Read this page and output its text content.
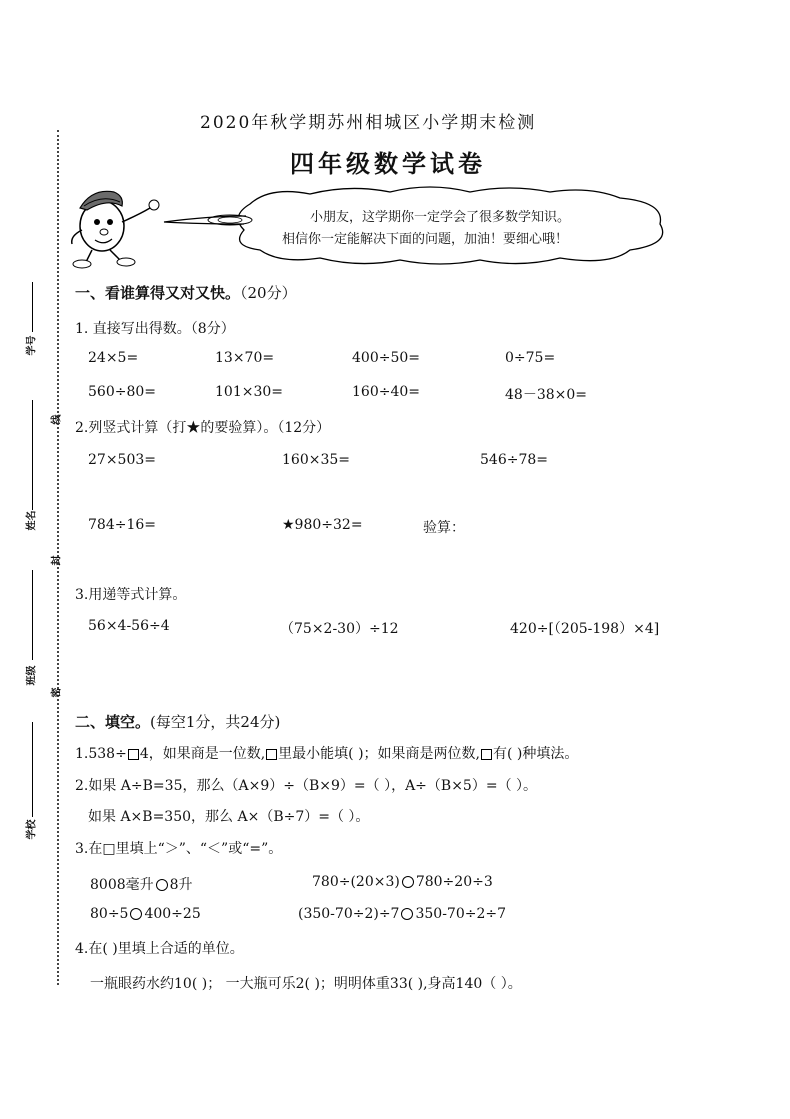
学号
线
姓名
封
班级
密
学校
2020年秋学期苏州相城区小学期末检测
四年级数学试卷
小朋友，这学期你一定学会了很多数学知识。
相信你一定能解决下面的问题，加油！要细心哦！
一、看谁算得又对又快。（20分）
1. 直接写出得数。（8分）
24×5=	13×70=	400÷50=	0÷75=
560÷80=	101×30=	160÷40=	48－38×0=
2.列竖式计算（打★的要验算）。（12分）
27×503=	160×35=	546÷78=
784÷16=	★980÷32=	验算：
3.用递等式计算。
56×4-56÷4	（75×2-30）÷12	420÷[（205-198）×4]
二、填空。(每空1分，共24分)
1.538÷ 4，如果商是一位数, 里最小能填( )；如果商是两位数, 有( )种填法。
2.如果 A÷B=35，那么（A×9）÷（B×9）=（ ），A÷（B×5）=（ ）。
如果 A×B=350，那么 A×（B÷7）=（ ）。
3.在□里填上“＞”、“＜”或“=”。
8008毫升 8升	780÷(20×3) 780÷20÷3
80÷5 400÷25	(350-70÷2)÷7 350-70÷2÷7
4.在( )里填上合适的单位。
一瓶眼药水约10( )； 一大瓶可乐2( )；明明体重33( ),身高140（ ）。
